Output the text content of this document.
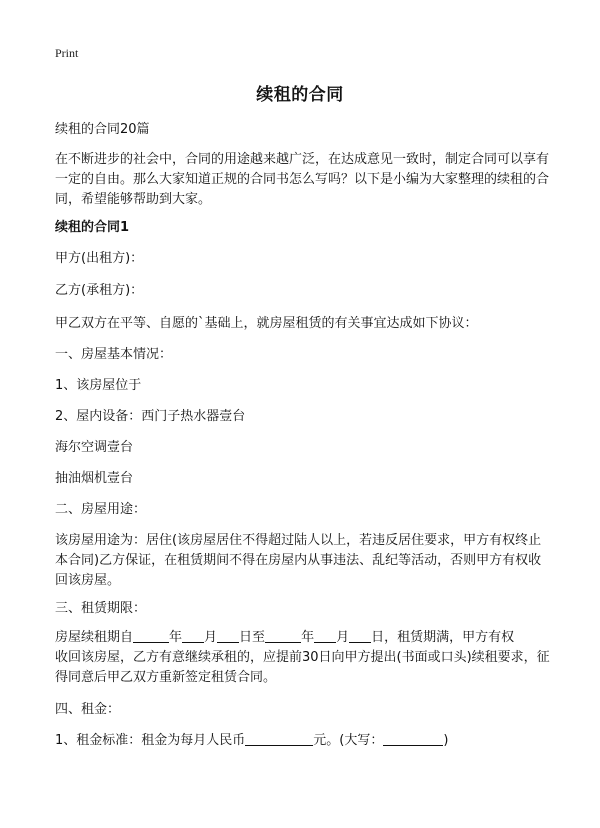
Print
续租的合同

续租的合同20篇

在不断进步的社会中，合同的用途越来越广泛，在达成意见一致时，制定合同可以享有一定的自由。那么大家知道正规的合同书怎么写吗？以下是小编为大家整理的续租的合同，希望能够帮助到大家。

续租的合同1

甲方(出租方)：

乙方(承租方)：

甲乙双方在平等、自愿的`基础上，就房屋租赁的有关事宜达成如下协议：

一、房屋基本情况：

1、该房屋位于

2、屋内设备：西门子热水器壹台

海尔空调壹台

抽油烟机壹台

二、房屋用途：

该房屋用途为：居住(该房屋居住不得超过陆人以上，若违反居住要求，甲方有权终止本合同)乙方保证，在租赁期间不得在房屋内从事违法、乱纪等活动，否则甲方有权收回该房屋。

三、租赁期限：

房屋续租期自	年 月 日至	年 月 日，租赁期满，甲方有权
收回该房屋，乙方有意继续承租的，应提前30日向甲方提出(书面或口头)续租要求，征得同意后甲乙双方重新签定租赁合同。

四、租金：

1、租金标准：租金为每月人民币	元。(大写：	)
